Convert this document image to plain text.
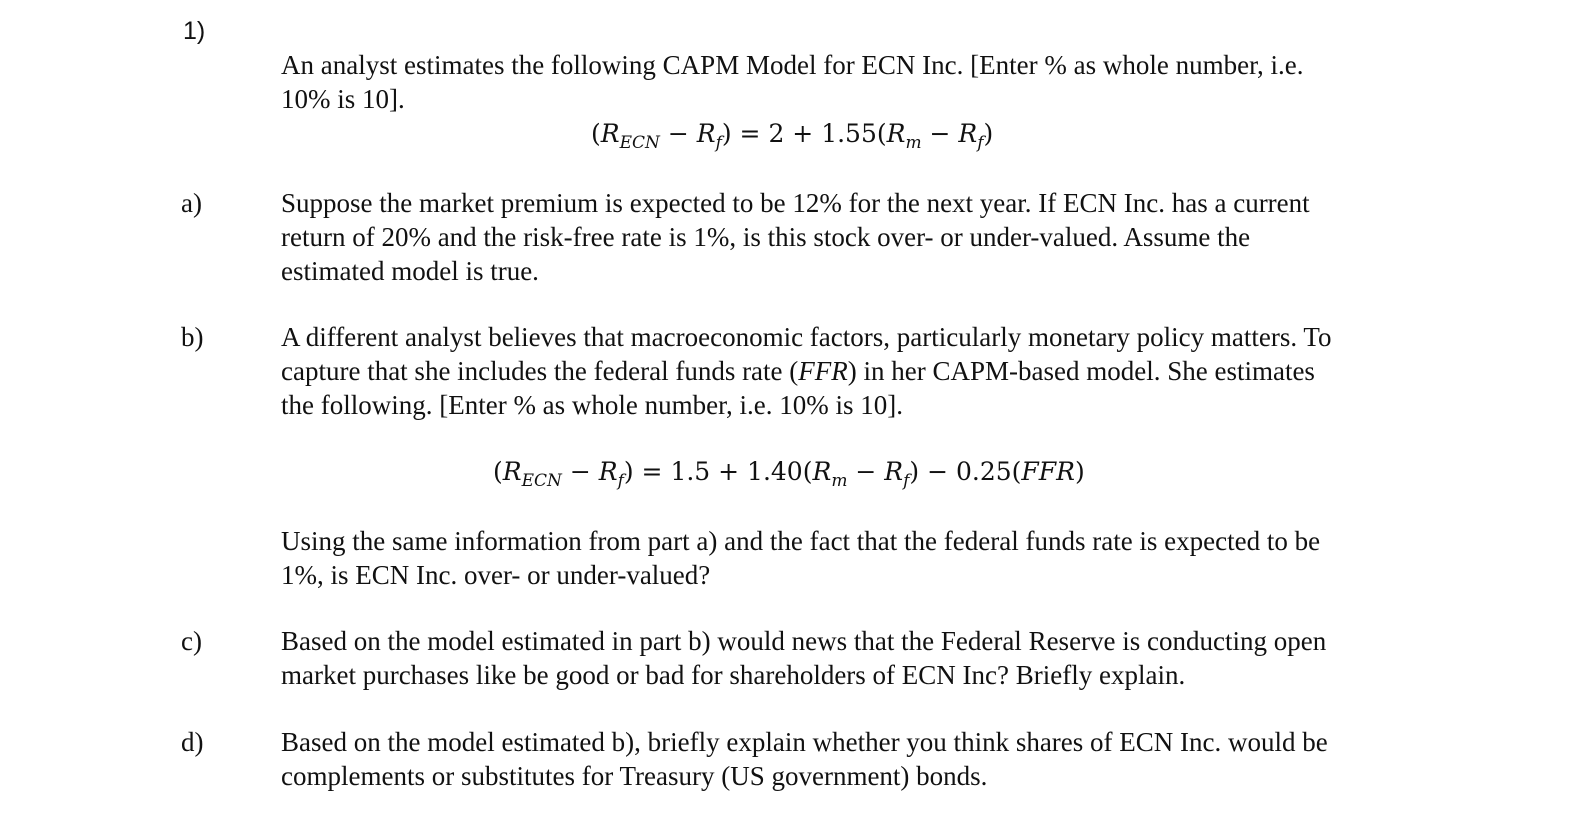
1)

An analyst estimates the following CAPM Model for ECN Inc. [Enter % as whole number, i.e.
10% is 10].

$(R_{ECN} - R_f) = 2 + 1.55(R_m - R_f)$
a)	Suppose the market premium is expected to be 12% for the next year. If ECN Inc. has a current
return of 20% and the risk-free rate is 1%, is this stock over- or under-valued. Assume the
estimated model is true.

b)	A different analyst believes that macroeconomic factors, particularly monetary policy matters. To
capture that she includes the federal funds rate (FFR) in her CAPM-based model. She estimates
the following. [Enter % as whole number, i.e. 10% is 10].

$(R_{ECN} - R_f) = 1.5 + 1.40(R_m - R_f) - 0.25(FFR)$

Using the same information from part a) and the fact that the federal funds rate is expected to be
1%, is ECN Inc. over- or under-valued?

c)	Based on the model estimated in part b) would news that the Federal Reserve is conducting open
market purchases like be good or bad for shareholders of ECN Inc? Briefly explain.

d)	Based on the model estimated b), briefly explain whether you think shares of ECN Inc. would be
complements or substitutes for Treasury (US government) bonds.
